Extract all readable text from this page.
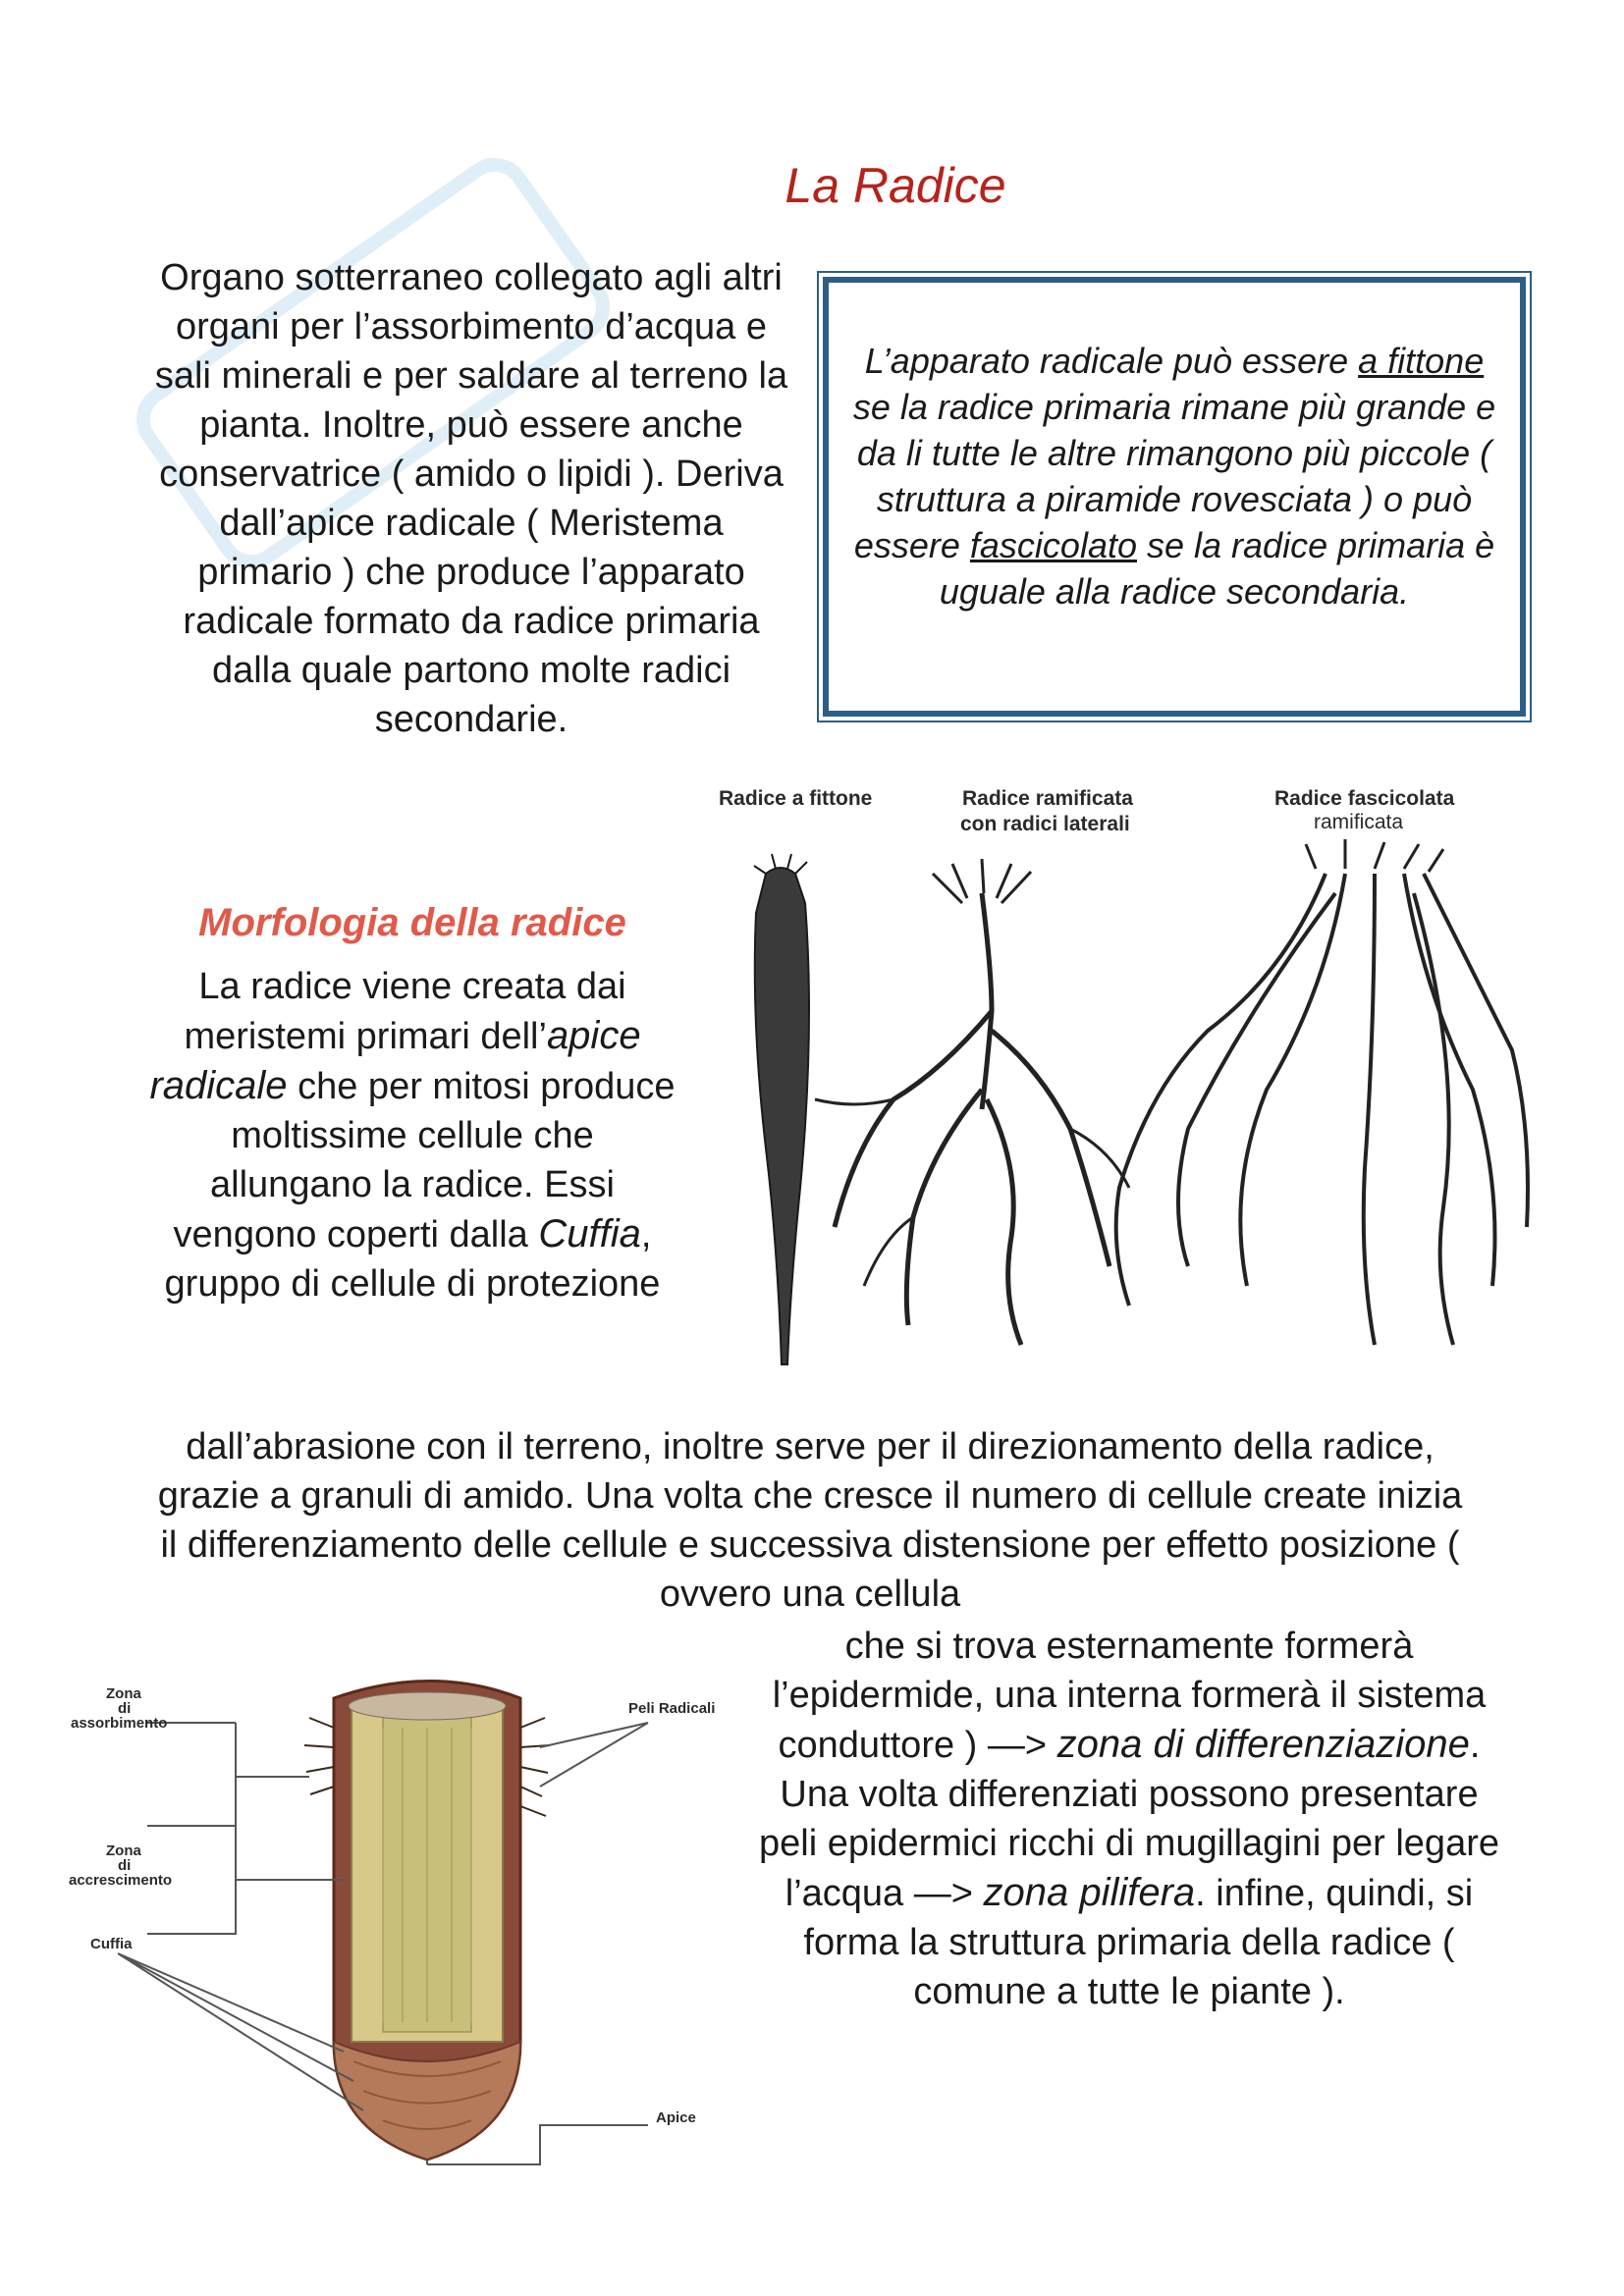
La Radice
Organo sotterraneo collegato agli altri organi per l’assorbimento d’acqua e sali minerali e per saldare al terreno la pianta. Inoltre, può essere anche conservatrice ( amido o lipidi ). Deriva dall’apice radicale ( Meristema primario ) che produce l’apparato radicale formato da radice primaria dalla quale partono molte radici secondarie.
L’apparato radicale può essere a fittone se la radice primaria rimane più grande e da li tutte le altre rimangono più piccole ( struttura a piramide rovesciata ) o può essere fascicolato se la radice primaria è uguale alla radice secondaria.
Radice a fittone	Radice ramificata
con radici laterali
Radice fascicolata
ramificata
Morfologia della radice
La radice viene creata dai meristemi primari dell’apice radicale che per mitosi produce moltissime cellule che allungano la radice. Essi vengono coperti dalla Cuffia, gruppo di cellule di protezione
dall’abrasione con il terreno, inoltre serve per il direzionamento della radice, grazie a granuli di amido. Una volta che cresce il numero di cellule create inizia il differenziamento delle cellule e successiva distensione per effetto posizione ( ovvero una cellula
che si trova esternamente formerà l’epidermide, una interna formerà il sistema conduttore ) —> zona di differenziazione.
Una volta differenziati possono presentare peli epidermici ricchi di mugillagini per legare l’acqua —> zona pilifera. infine, quindi, si forma la struttura primaria della radice ( comune a tutte le piante ).
Zona
di
assorbimento
Zona
di
accrescimento
Cuffia
Peli Radicali
Apice
